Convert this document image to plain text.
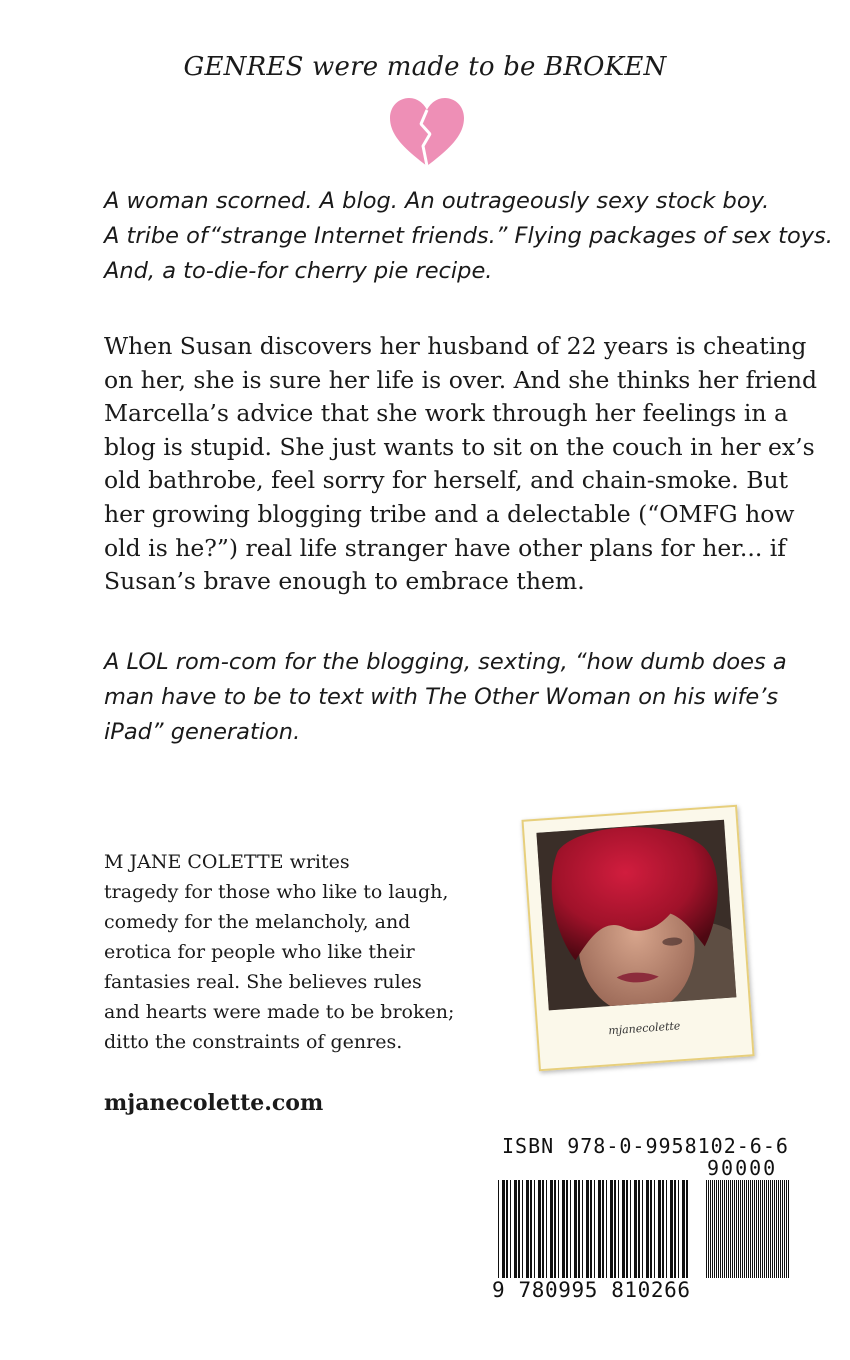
GENRES were made to be BROKEN
A woman scorned. A blog. An outrageously sexy stock boy.
A tribe of“strange Internet friends.” Flying packages of sex toys.
And, a to-die-for cherry pie recipe.
When Susan discovers her husband of 22 years is cheating
on her, she is sure her life is over. And she thinks her friend
Marcella’s advice that she work through her feelings in a
blog is stupid. She just wants to sit on the couch in her ex’s
old bathrobe, feel sorry for herself, and chain-smoke. But
her growing blogging tribe and a delectable (“OMFG how
old is he?”) real life stranger have other plans for her... if
Susan’s brave enough to embrace them.
A LOL rom-com for the blogging, sexting, “how dumb does a
man have to be to text with The Other Woman on his wife’s
iPad” generation.
M JANE COLETTE writes
tragedy for those who like to laugh,
comedy for the melancholy, and
erotica for people who like their
fantasies real. She believes rules
and hearts were made to be broken;
ditto the constraints of genres.
mjanecolette
mjanecolette.com
ISBN 978-0-9958102-6-6
90000
9 780995 810266
